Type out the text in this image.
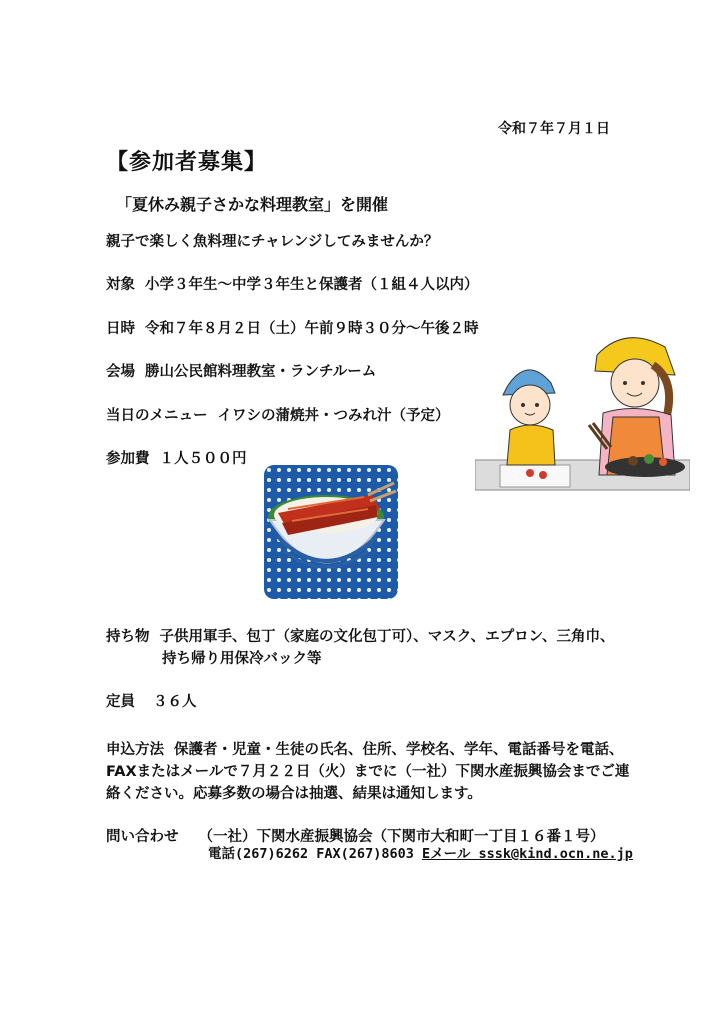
令和７年７月１日
【参加者募集】
「夏休み親子さかな料理教室」を開催
親子で楽しく魚料理にチャレンジしてみませんか？
対象 小学３年生～中学３年生と保護者（１組４人以内）
日時 令和７年８月２日（土）午前９時３０分～午後２時
会場 勝山公民館料理教室・ランチルーム
当日のメニュー イワシの蒲焼丼・つみれ汁（予定）
参加費 １人５００円
持ち物 子供用軍手、包丁（家庭の文化包丁可）、マスク、エプロン、三角巾、
持ち帰り用保冷バック等
定員 ３６人
申込方法 保護者・児童・生徒の氏名、住所、学校名、学年、電話番号を電話、
FAXまたはメールで７月２２日（火）までに（一社）下関水産振興協会までご連
絡ください。応募多数の場合は抽選、結果は通知します。
問い合わせ （一社）下関水産振興協会（下関市大和町一丁目１６番１号）
電話(267)6262 FAX(267)8603 Eメール sssk@kind.ocn.ne.jp
